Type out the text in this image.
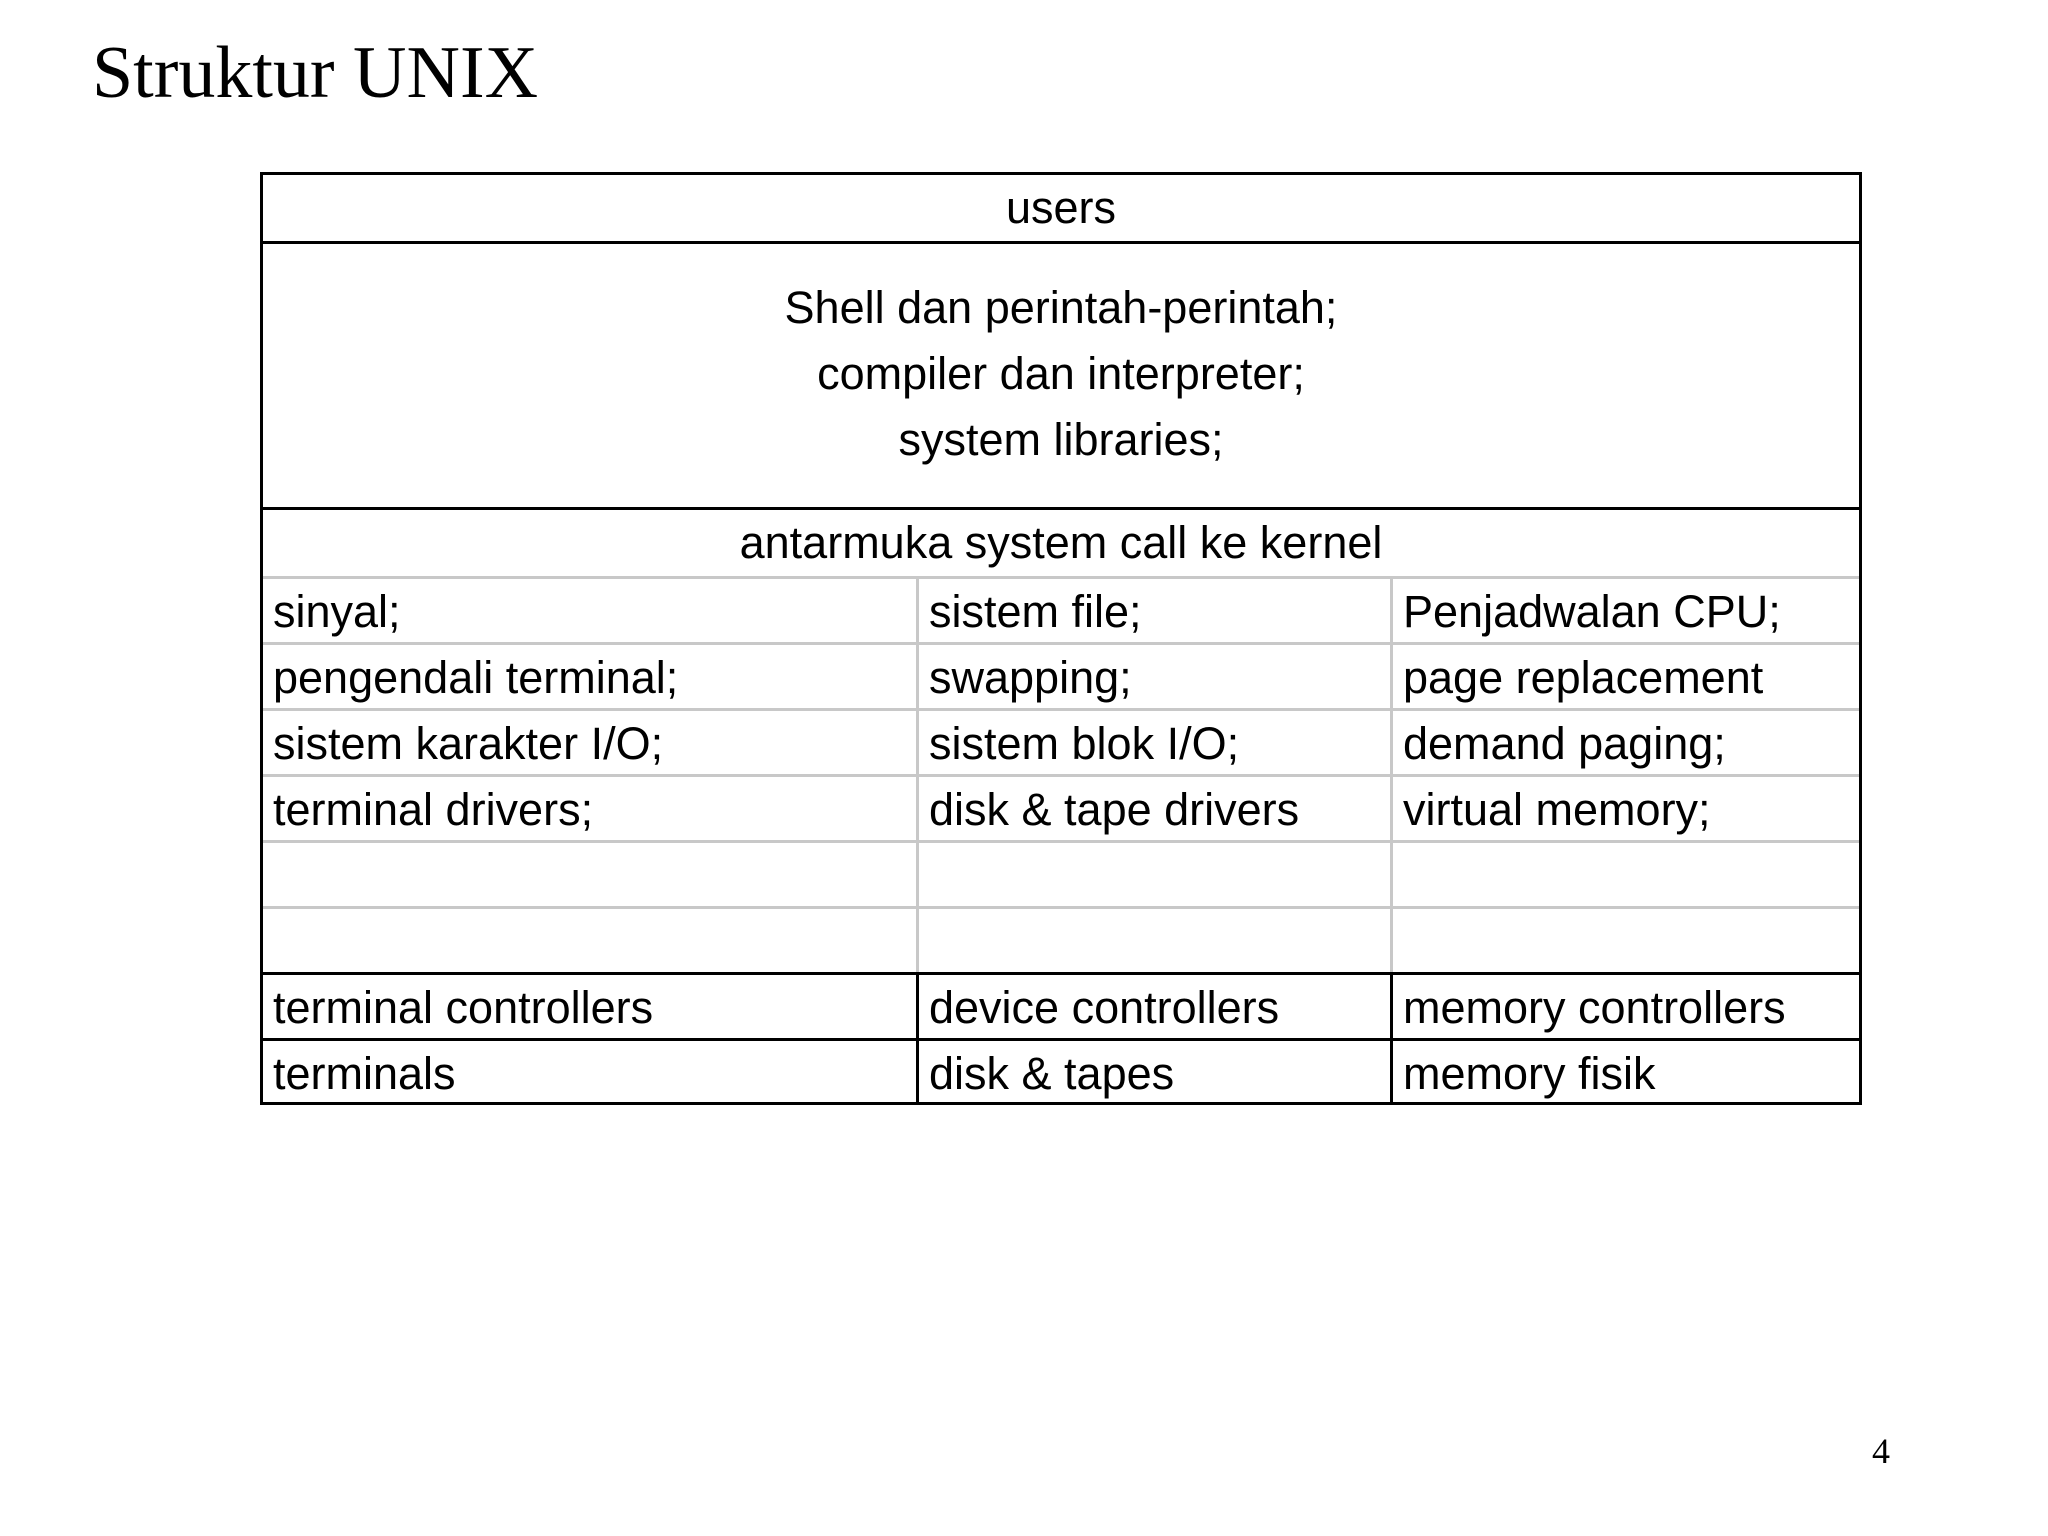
Struktur UNIX
users
Shell dan perintah-perintah;
compiler dan interpreter;
system libraries;
antarmuka system call ke kernel
sinyal;	sistem file;	Penjadwalan CPU;
pengendali terminal;	swapping;	page replacement
sistem karakter I/O;	sistem blok I/O;	demand paging;
terminal drivers;	disk & tape drivers	virtual memory;
terminal controllers	device controllers	memory controllers
terminals	disk & tapes	memory fisik
4
